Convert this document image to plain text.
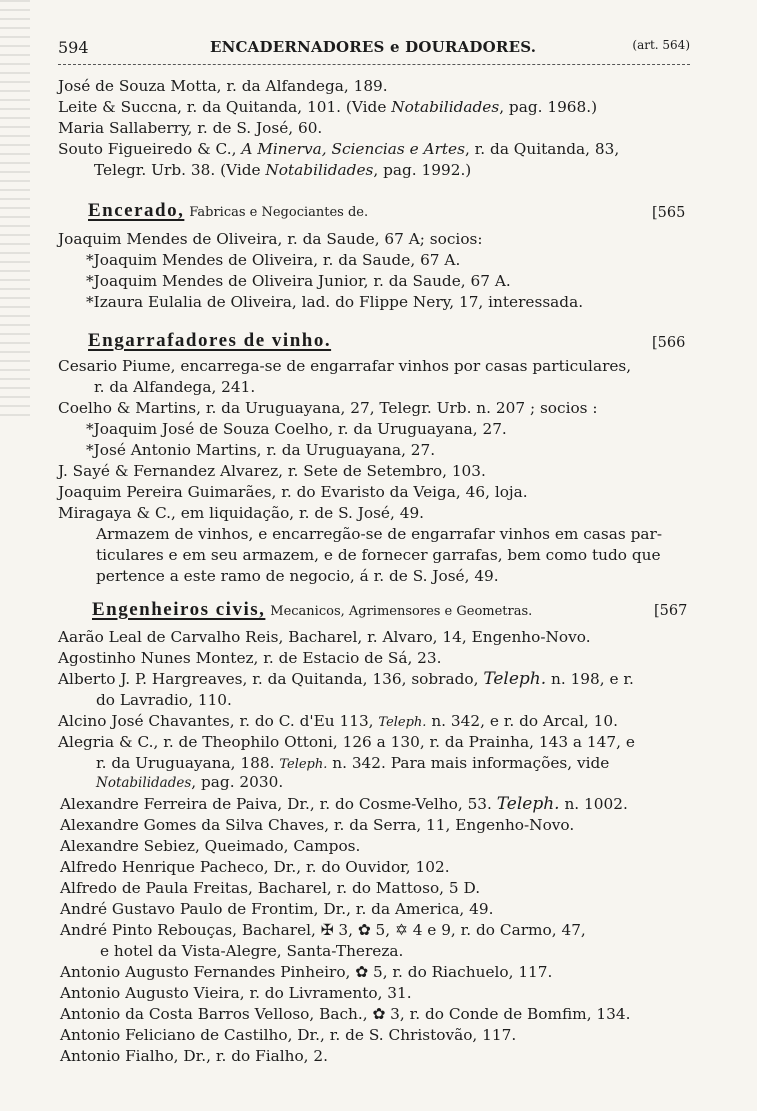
594	ENCADERNADORES e DOURADORES.	(art. 564)
José de Souza Motta, r. da Alfandega, 189.
Leite & Succna, r. da Quitanda, 101. (Vide Notabilidades, pag. 1968.)
Maria Sallaberry, r. de S. José, 60.
Souto Figueiredo & C., A Minerva, Sciencias e Artes, r. da Quitanda, 83,
Telegr. Urb. 38. (Vide Notabilidades, pag. 1992.)
Encerado, Fabricas e Negociantes de.	[565
Joaquim Mendes de Oliveira, r. da Saude, 67 A; socios:
*Joaquim Mendes de Oliveira, r. da Saude, 67 A.
*Joaquim Mendes de Oliveira Junior, r. da Saude, 67 A.
*Izaura Eulalia de Oliveira, lad. do Flippe Nery, 17, interessada.
Engarrafadores de vinho.	[566
Cesario Piume, encarrega-se de engarrafar vinhos por casas particulares,
r. da Alfandega, 241.
Coelho & Martins, r. da Uruguayana, 27, Telegr. Urb. n. 207 ; socios :
*Joaquim José de Souza Coelho, r. da Uruguayana, 27.
*José Antonio Martins, r. da Uruguayana, 27.
J. Sayé & Fernandez Alvarez, r. Sete de Setembro, 103.
Joaquim Pereira Guimarães, r. do Evaristo da Veiga, 46, loja.
Miragaya & C., em liquidação, r. de S. José, 49.
Armazem de vinhos, e encarregão-se de engarrafar vinhos em casas par-
ticulares e em seu armazem, e de fornecer garrafas, bem como tudo que
pertence a este ramo de negocio, á r. de S. José, 49.
Engenheiros civis, Mecanicos, Agrimensores e Geometras.	[567
Aarão Leal de Carvalho Reis, Bacharel, r. Alvaro, 14, Engenho-Novo.
Agostinho Nunes Montez, r. de Estacio de Sá, 23.
Alberto J. P. Hargreaves, r. da Quitanda, 136, sobrado, Teleph. n. 198, e r.
do Lavradio, 110.
Alcino José Chavantes, r. do C. d'Eu 113, Teleph. n. 342, e r. do Arcal, 10.
Alegria & C., r. de Theophilo Ottoni, 126 a 130, r. da Prainha, 143 a 147, e
r. da Uruguayana, 188. Teleph. n. 342. Para mais informações, vide
Notabilidades, pag. 2030.
Alexandre Ferreira de Paiva, Dr., r. do Cosme-Velho, 53. Teleph. n. 1002.
Alexandre Gomes da Silva Chaves, r. da Serra, 11, Engenho-Novo.
Alexandre Sebiez, Queimado, Campos.
Alfredo Henrique Pacheco, Dr., r. do Ouvidor, 102.
Alfredo de Paula Freitas, Bacharel, r. do Mattoso, 5 D.
André Gustavo Paulo de Frontim, Dr., r. da America, 49.
André Pinto Rebouças, Bacharel, ✠ 3, ✿ 5, ✡ 4 e 9, r. do Carmo, 47,
e hotel da Vista-Alegre, Santa-Thereza.
Antonio Augusto Fernandes Pinheiro, ✿ 5, r. do Riachuelo, 117.
Antonio Augusto Vieira, r. do Livramento, 31.
Antonio da Costa Barros Velloso, Bach., ✿ 3, r. do Conde de Bomfim, 134.
Antonio Feliciano de Castilho, Dr., r. de S. Christovão, 117.
Antonio Fialho, Dr., r. do Fialho, 2.
